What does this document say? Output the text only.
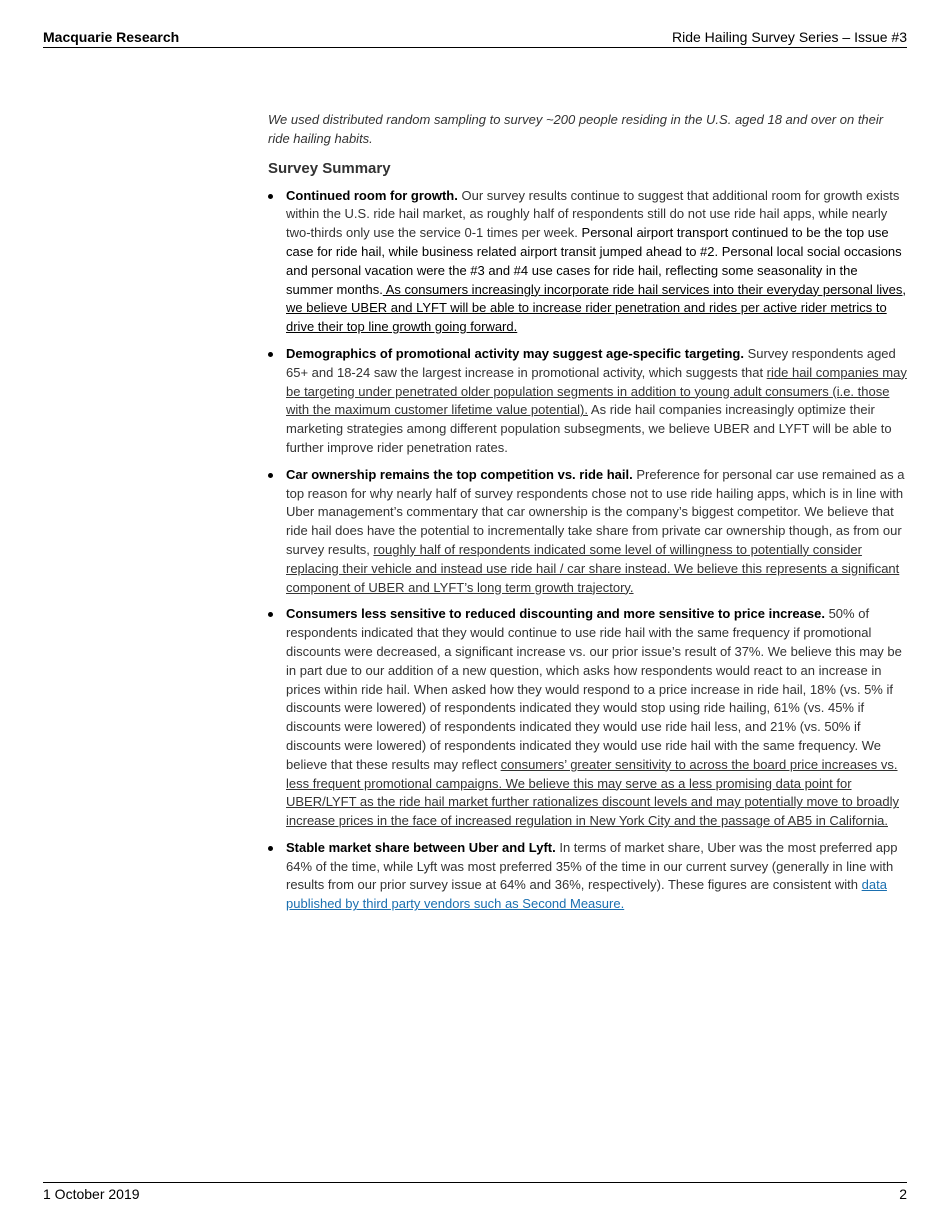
Macquarie Research	Ride Hailing Survey Series – Issue #3

We used distributed random sampling to survey ~200 people residing in the U.S. aged 18 and over on their ride hailing habits.

Survey Summary
Continued room for growth. Our survey results continue to suggest that additional room for growth exists within the U.S. ride hail market, as roughly half of respondents still do not use ride hail apps, while nearly two-thirds only use the service 0-1 times per week. Personal airport transport continued to be the top use case for ride hail, while business related airport transit jumped ahead to #2. Personal local social occasions and personal vacation were the #3 and #4 use cases for ride hail, reflecting some seasonality in the summer months. As consumers increasingly incorporate ride hail services into their everyday personal lives, we believe UBER and LYFT will be able to increase rider penetration and rides per active rider metrics to drive their top line growth going forward.
Demographics of promotional activity may suggest age-specific targeting. Survey respondents aged 65+ and 18-24 saw the largest increase in promotional activity, which suggests that ride hail companies may be targeting under penetrated older population segments in addition to young adult consumers (i.e. those with the maximum customer lifetime value potential). As ride hail companies increasingly optimize their marketing strategies among different population subsegments, we believe UBER and LYFT will be able to further improve rider penetration rates.
Car ownership remains the top competition vs. ride hail. Preference for personal car use remained as a top reason for why nearly half of survey respondents chose not to use ride hailing apps, which is in line with Uber management’s commentary that car ownership is the company’s biggest competitor. We believe that ride hail does have the potential to incrementally take share from private car ownership though, as from our survey results, roughly half of respondents indicated some level of willingness to potentially consider replacing their vehicle and instead use ride hail / car share instead. We believe this represents a significant component of UBER and LYFT’s long term growth trajectory.
Consumers less sensitive to reduced discounting and more sensitive to price increase. 50% of respondents indicated that they would continue to use ride hail with the same frequency if promotional discounts were decreased, a significant increase vs. our prior issue’s result of 37%. We believe this may be in part due to our addition of a new question, which asks how respondents would react to an increase in prices within ride hail. When asked how they would respond to a price increase in ride hail, 18% (vs. 5% if discounts were lowered) of respondents indicated they would stop using ride hailing, 61% (vs. 45% if discounts were lowered) of respondents indicated they would use ride hail less, and 21% (vs. 50% if discounts were lowered) of respondents indicated they would use ride hail with the same frequency. We believe that these results may reflect consumers’ greater sensitivity to across the board price increases vs. less frequent promotional campaigns. We believe this may serve as a less promising data point for UBER/LYFT as the ride hail market further rationalizes discount levels and may potentially move to broadly increase prices in the face of increased regulation in New York City and the passage of AB5 in California.
Stable market share between Uber and Lyft. In terms of market share, Uber was the most preferred app 64% of the time, while Lyft was most preferred 35% of the time in our current survey (generally in line with results from our prior survey issue at 64% and 36%, respectively). These figures are consistent with data published by third party vendors such as Second Measure.
1 October 2019	2
